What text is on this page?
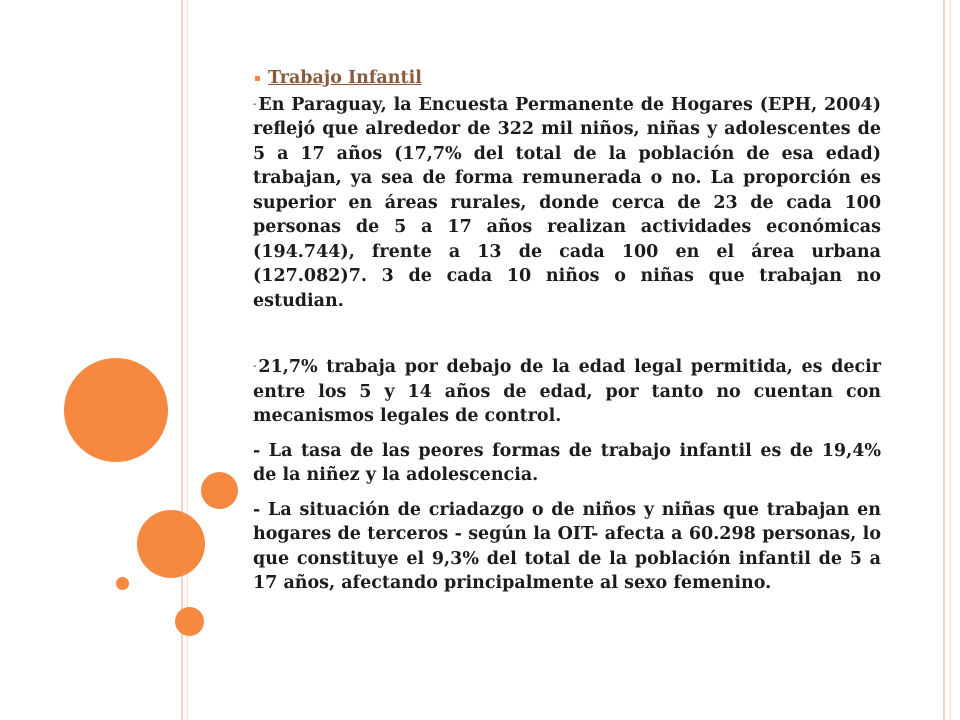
Trabajo Infantil

- En Paraguay, la Encuesta Permanente de Hogares (EPH, 2004) reflejó que alrededor de 322 mil niños, niñas y adolescentes de 5 a 17 años (17,7% del total de la población de esa edad) trabajan, ya sea de forma remunerada o no. La proporción es superior en áreas rurales, donde cerca de 23 de cada 100 personas de 5 a 17 años realizan actividades económicas (194.744), frente a 13 de cada 100 en el área urbana (127.082)7. 3 de cada 10 niños o niñas que trabajan no estudian.

- 21,7% trabaja por debajo de la edad legal permitida, es decir entre los 5 y 14 años de edad, por tanto no cuentan con mecanismos legales de control.

- La tasa de las peores formas de trabajo infantil es de 19,4% de la niñez y la adolescencia.

- La situación de criadazgo o de niños y niñas que trabajan en hogares de terceros - según la OIT- afecta a 60.298 personas, lo que constituye el 9,3% del total de la población infantil de 5 a 17 años, afectando principalmente al sexo femenino.
